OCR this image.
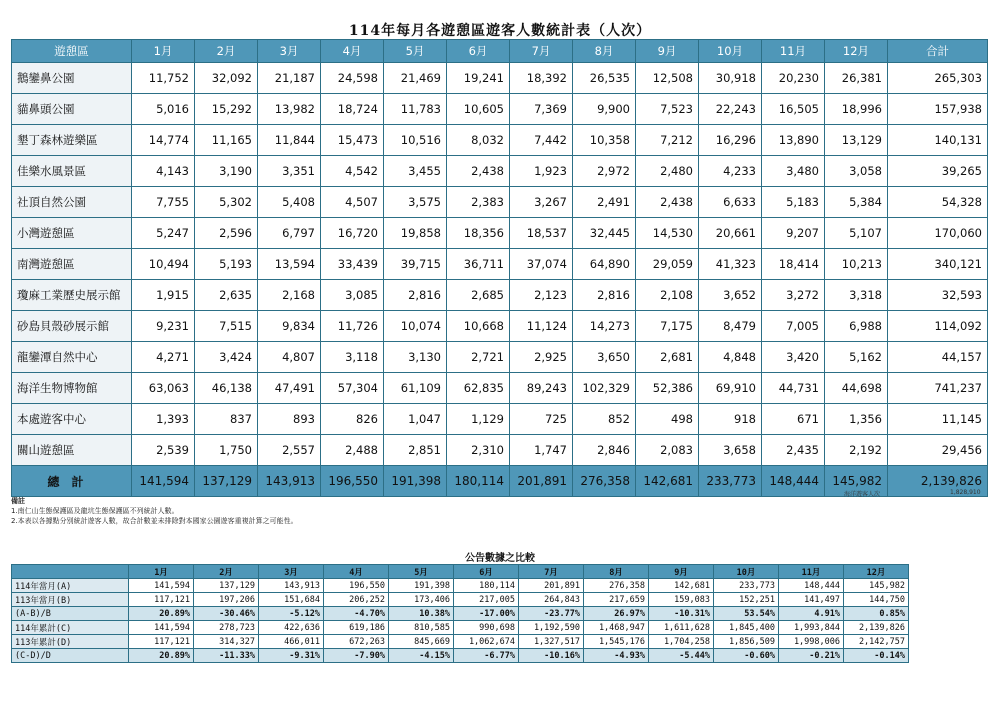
114年每月各遊憩區遊客人數統計表（人次）
遊憩區	1月	2月	3月	4月	5月	6月	7月	8月	9月	10月	11月	12月	合計
鵝鑾鼻公園	11,752	32,092	21,187	24,598	21,469	19,241	18,392	26,535	12,508	30,918	20,230	26,381	265,303
貓鼻頭公園	5,016	15,292	13,982	18,724	11,783	10,605	7,369	9,900	7,523	22,243	16,505	18,996	157,938
墾丁森林遊樂區	14,774	11,165	11,844	15,473	10,516	8,032	7,442	10,358	7,212	16,296	13,890	13,129	140,131
佳樂水風景區	4,143	3,190	3,351	4,542	3,455	2,438	1,923	2,972	2,480	4,233	3,480	3,058	39,265
社頂自然公園	7,755	5,302	5,408	4,507	3,575	2,383	3,267	2,491	2,438	6,633	5,183	5,384	54,328
小灣遊憩區	5,247	2,596	6,797	16,720	19,858	18,356	18,537	32,445	14,530	20,661	9,207	5,107	170,060
南灣遊憩區	10,494	5,193	13,594	33,439	39,715	36,711	37,074	64,890	29,059	41,323	18,414	10,213	340,121
瓊麻工業歷史展示館	1,915	2,635	2,168	3,085	2,816	2,685	2,123	2,816	2,108	3,652	3,272	3,318	32,593
砂島貝殼砂展示館	9,231	7,515	9,834	11,726	10,074	10,668	11,124	14,273	7,175	8,479	7,005	6,988	114,092
龍鑾潭自然中心	4,271	3,424	4,807	3,118	3,130	2,721	2,925	3,650	2,681	4,848	3,420	5,162	44,157
海洋生物博物館	63,063	46,138	47,491	57,304	61,109	62,835	89,243	102,329	52,386	69,910	44,731	44,698	741,237
本處遊客中心	1,393	837	893	826	1,047	1,129	725	852	498	918	671	1,356	11,145
關山遊憩區	2,539	1,750	2,557	2,488	2,851	2,310	1,747	2,846	2,083	3,658	2,435	2,192	29,456
總計	141,594	137,129	143,913	196,550	191,398	180,114	201,891	276,358	142,681	233,773	148,444	145,982	2,139,826
海洋遊客人次	1,828,910
備註
1.南仁山生態保護區及龍坑生態保護區不列統計人數。
2.本表以各據點分別統計遊客人數，故合計數並未排除對本國家公園遊客重複計算之可能性。
公告數據之比較
	1月	2月	3月	4月	5月	6月	7月	8月	9月	10月	11月	12月
114年當月(A)	141,594	137,129	143,913	196,550	191,398	180,114	201,891	276,358	142,681	233,773	148,444	145,982
113年當月(B)	117,121	197,206	151,684	206,252	173,406	217,005	264,843	217,659	159,083	152,251	141,497	144,750
(A-B)/B	20.89%	-30.46%	-5.12%	-4.70%	10.38%	-17.00%	-23.77%	26.97%	-10.31%	53.54%	4.91%	0.85%
114年累計(C)	141,594	278,723	422,636	619,186	810,585	990,698	1,192,590	1,468,947	1,611,628	1,845,400	1,993,844	2,139,826
113年累計(D)	117,121	314,327	466,011	672,263	845,669	1,062,674	1,327,517	1,545,176	1,704,258	1,856,509	1,998,006	2,142,757
(C-D)/D	20.89%	-11.33%	-9.31%	-7.90%	-4.15%	-6.77%	-10.16%	-4.93%	-5.44%	-0.60%	-0.21%	-0.14%
